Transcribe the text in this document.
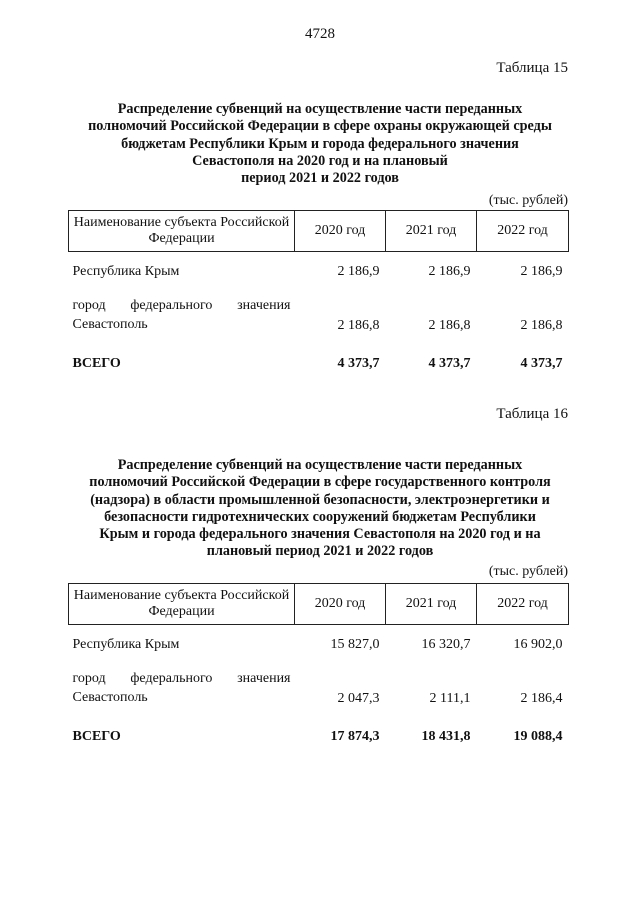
4728
Таблица 15
Распределение субвенций на осуществление части переданных
полномочий Российской Федерации в сфере охраны окружающей среды
бюджетам Республики Крым и города федерального значения
Севастополя на 2020 год и на плановый
период 2021 и 2022 годов
(тыс. рублей)
Наименование субъекта Российской Федерации	2020 год	2021 год	2022 год
Республика Крым	2 186,9	2 186,9	2 186,9

город федерального значения
Севастополь	2 186,8	2 186,8	2 186,8
ВСЕГО	4 373,7	4 373,7	4 373,7
Таблица 16
Распределение субвенций на осуществление части переданных
полномочий Российской Федерации в сфере государственного контроля
(надзора) в области промышленной безопасности, электроэнергетики и
безопасности гидротехнических сооружений бюджетам Республики
Крым и города федерального значения Севастополя на 2020 год и на
плановый период 2021 и 2022 годов
(тыс. рублей)
Наименование субъекта Российской Федерации	2020 год	2021 год	2022 год
Республика Крым	15 827,0	16 320,7	16 902,0

город федерального значения
Севастополь	2 047,3	2 111,1	2 186,4
ВСЕГО	17 874,3	18 431,8	19 088,4
